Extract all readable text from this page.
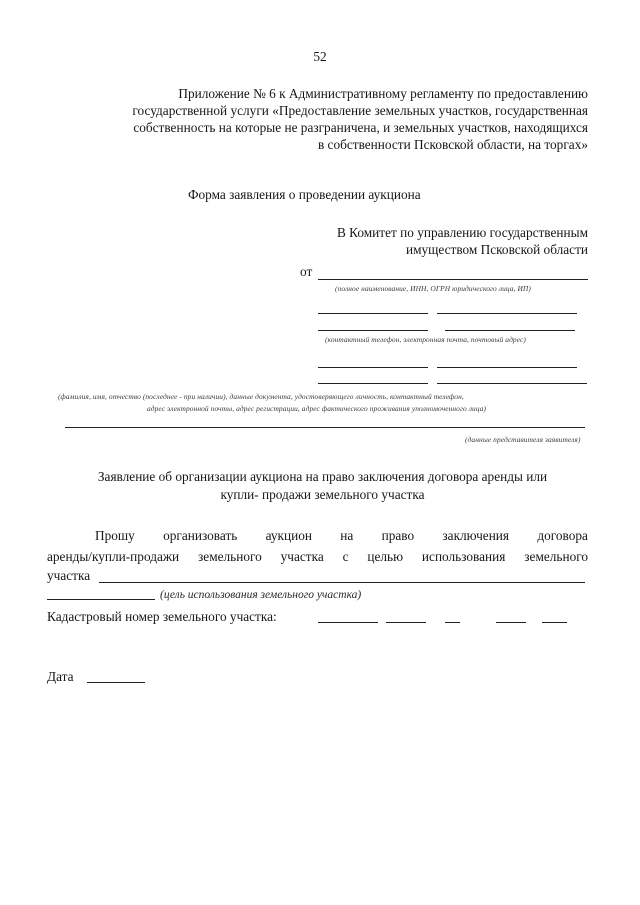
52
Приложение № 6 к Административному регламенту по предоставлению
государственной услуги «Предоставление земельных участков, государственная
собственность на которые не разграничена, и земельных участков, находящихся
в собственности Псковской области, на торгах»
Форма заявления о проведении аукциона
В Комитет по управлению государственным
имуществом Псковской области
от
(полное наименование, ИНН, ОГРН юридического лица, ИП)
(контактный телефон, электронная почта, почтовый адрес)
(фамилия, имя, отчество (последнее - при наличии), данные документа, удостоверяющего личность, контактный телефон,
адрес электронной почты, адрес регистрации, адрес фактического проживания уполномоченного лица)
(данные представителя заявителя)
Заявление об организации аукциона на право заключения договора аренды или
купли- продажи земельного участка
Прошу организовать аукцион на право заключения договора
аренды/купли-продажи земельного участка с целью использования земельного
участка
(цель использования земельного участка)
Кадастровый номер земельного участка:
Дата
